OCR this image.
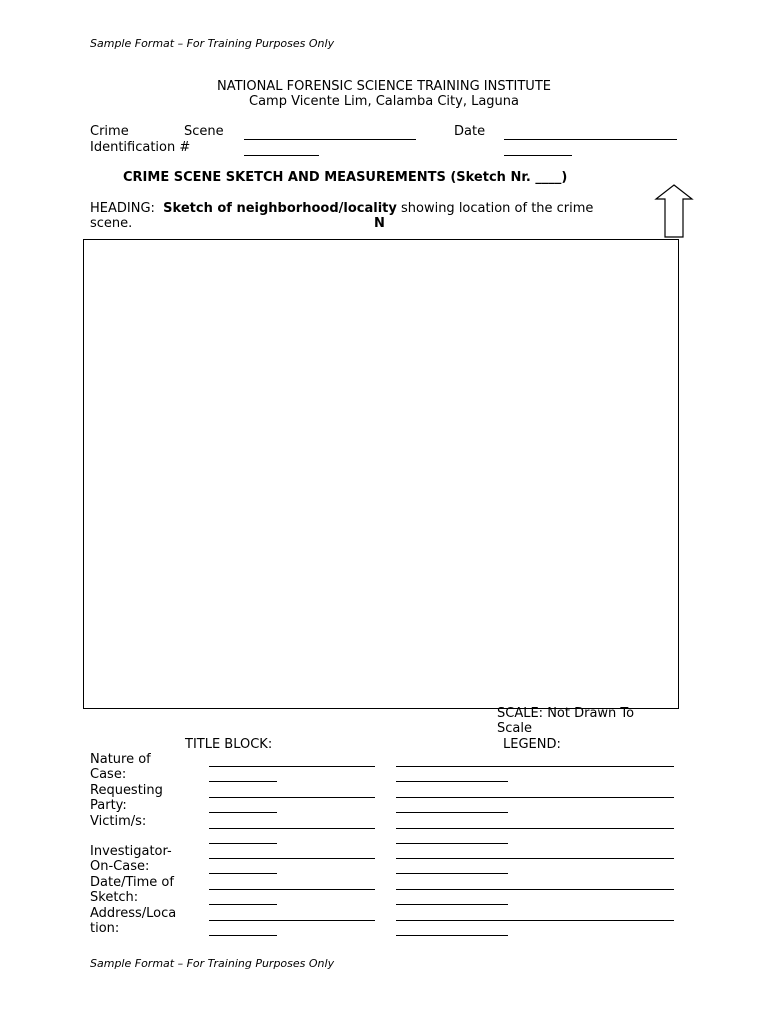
Sample Format – For Training Purposes Only
NATIONAL FORENSIC SCIENCE TRAINING INSTITUTE
Camp Vicente Lim, Calamba City, Laguna
Crime	Scene
Identification #
Date
CRIME SCENE SKETCH AND MEASUREMENTS (Sketch Nr. ____)
HEADING: Sketch of neighborhood/locality showing location of the crime
scene.	N
SCALE: Not Drawn To
Scale
TITLE BLOCK:	LEGEND:
Nature of
Case:
Requesting
Party:
Victim/s:
Investigator-
On-Case:
Date/Time of
Sketch:
Address/Loca
tion:
Sample Format – For Training Purposes Only
